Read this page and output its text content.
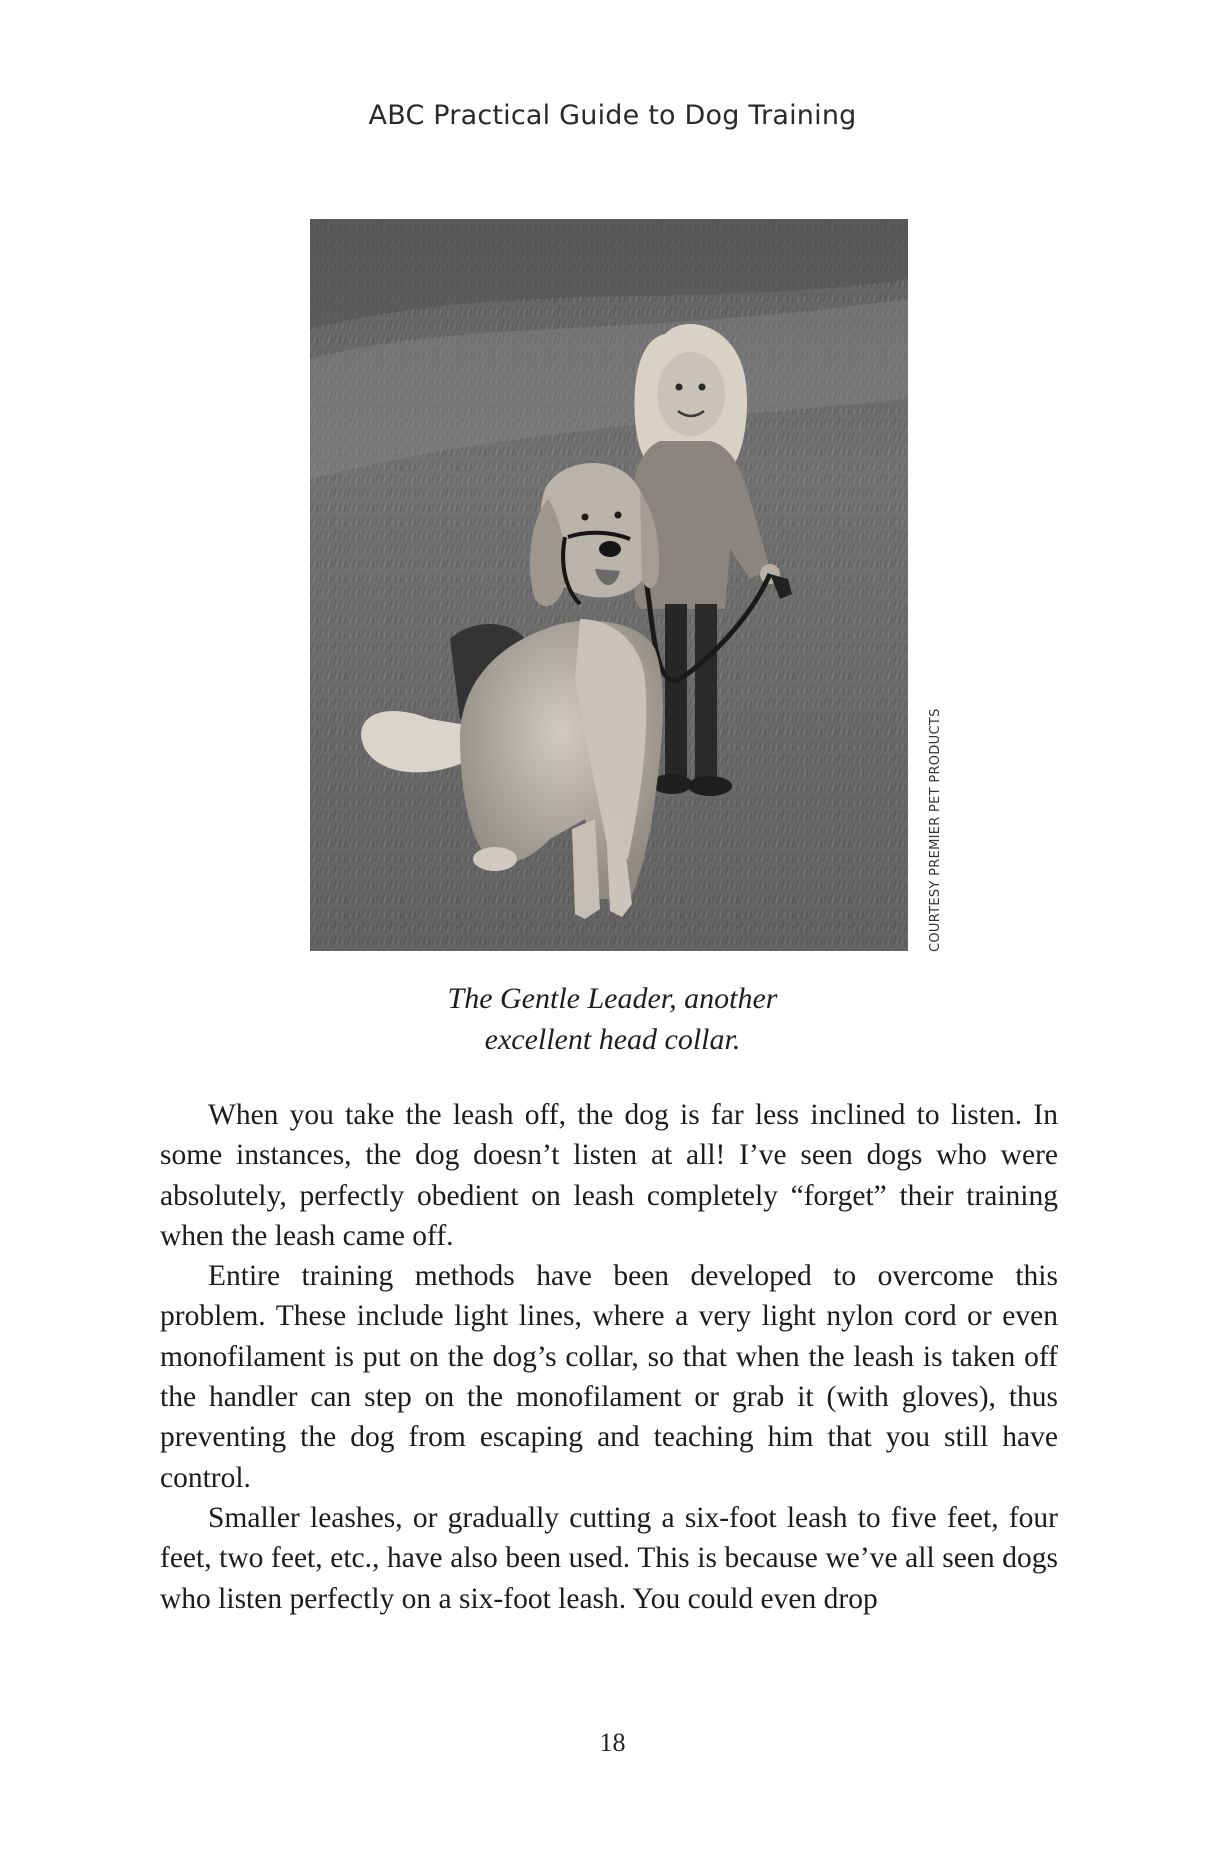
ABC Practical Guide to Dog Training
COURTESY PREMIER PET PRODUCTS
The Gentle Leader, another
excellent head collar.

When you take the leash off, the dog is far less inclined to listen. In some instances, the dog doesn’t listen at all! I’ve seen dogs who were absolutely, perfectly obedient on leash completely “forget” their training when the leash came off.

Entire training methods have been developed to overcome this problem. These include light lines, where a very light nylon cord or even monofilament is put on the dog’s collar, so that when the leash is taken off the handler can step on the monofilament or grab it (with gloves), thus preventing the dog from escaping and teaching him that you still have control.

Smaller leashes, or gradually cutting a six-foot leash to five feet, four feet, two feet, etc., have also been used. This is because we’ve all seen dogs who listen perfectly on a six-foot leash. You could even drop

18
